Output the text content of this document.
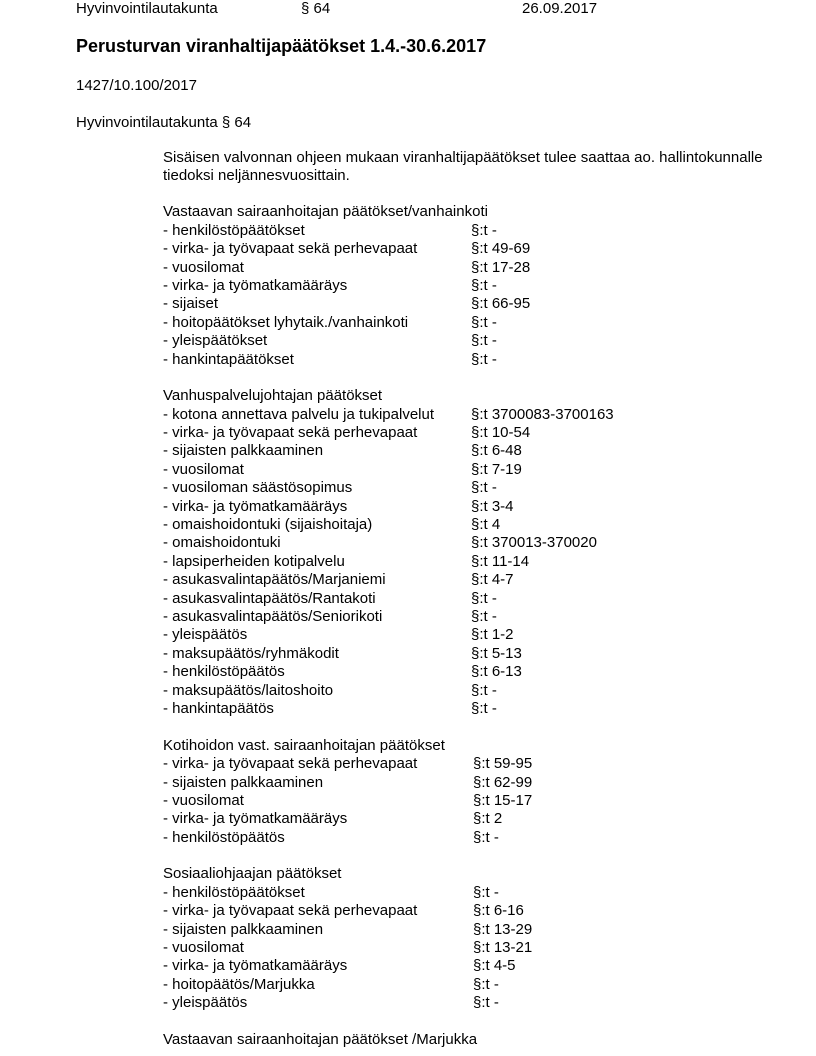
Hyvinvointilautakunta	§ 64	26.09.2017
Perusturvan viranhaltijapäätökset 1.4.-30.6.2017
1427/10.100/2017
Hyvinvointilautakunta § 64

Sisäisen valvonnan ohjeen mukaan viranhaltijapäätökset tulee saattaa ao. hallintokunnalle tiedoksi neljännesvuosittain.

Vastaavan sairaanhoitajan päätökset/vanhainkoti
- henkilöstöpäätökset	§:t -
- virka- ja työvapaat sekä perhevapaat	§:t 49-69
- vuosilomat	§:t 17-28
- virka- ja työmatkamääräys	§:t -
- sijaiset	§:t 66-95
- hoitopäätökset lyhytaik./vanhainkoti	§:t -
- yleispäätökset	§:t -
- hankintapäätökset	§:t -
Vanhuspalvelujohtajan päätökset
- kotona annettava palvelu ja tukipalvelut §:t 3700083-3700163
- virka- ja työvapaat sekä perhevapaat	§:t 10-54
- sijaisten palkkaaminen	§:t 6-48
- vuosilomat	§:t 7-19
- vuosiloman säästösopimus	§:t -
- virka- ja työmatkamääräys	§:t 3-4
- omaishoidontuki (sijaishoitaja)	§:t 4
- omaishoidontuki	§:t 370013-370020
- lapsiperheiden kotipalvelu	§:t 11-14
- asukasvalintapäätös/Marjaniemi	§:t 4-7
- asukasvalintapäätös/Rantakoti	§:t -
- asukasvalintapäätös/Seniorikoti	§:t -
- yleispäätös	§:t 1-2
- maksupäätös/ryhmäkodit	§:t 5-13
- henkilöstöpäätös	§:t 6-13
- maksupäätös/laitoshoito	§:t -
- hankintapäätös	§:t -
Kotihoidon vast. sairaanhoitajan päätökset
- virka- ja työvapaat sekä perhevapaat	§:t 59-95
- sijaisten palkkaaminen	§:t 62-99
- vuosilomat	§:t 15-17
- virka- ja työmatkamääräys	§:t 2
- henkilöstöpäätös	§:t -
Sosiaaliohjaajan päätökset
- henkilöstöpäätökset	§:t -
- virka- ja työvapaat sekä perhevapaat	§:t 6-16
- sijaisten palkkaaminen	§:t 13-29
- vuosilomat	§:t 13-21
- virka- ja työmatkamääräys	§:t 4-5
- hoitopäätös/Marjukka	§:t -
- yleispäätös	§:t -
Vastaavan sairaanhoitajan päätökset /Marjukka
